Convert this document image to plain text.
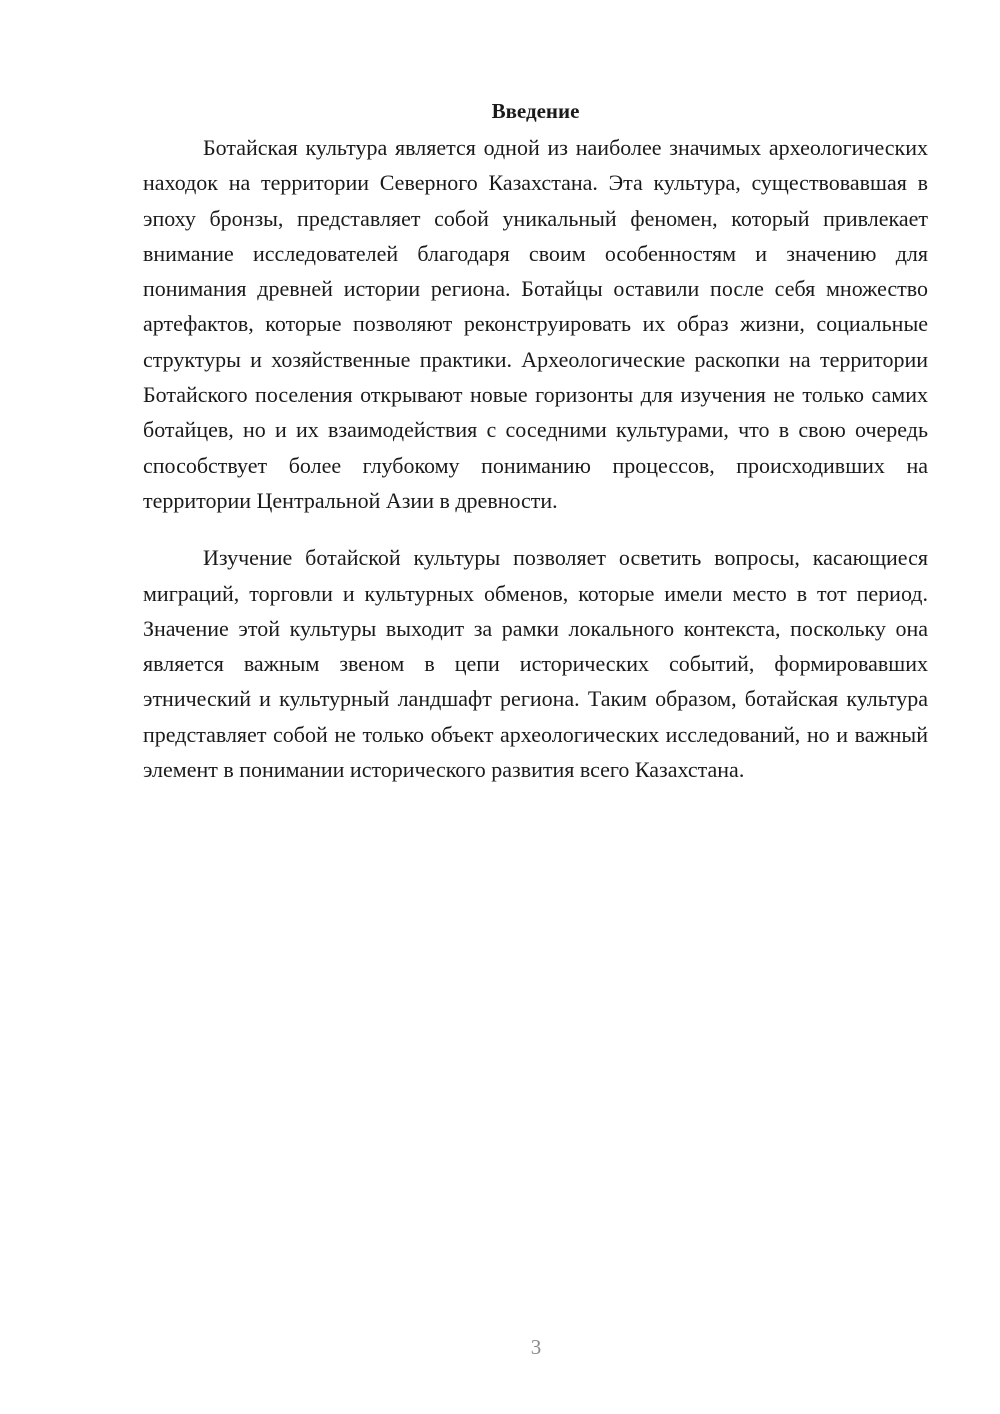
Введение

Ботайская культура является одной из наиболее значимых археологических находок на территории Северного Казахстана. Эта культура, существовавшая в эпоху бронзы, представляет собой уникальный феномен, который привлекает внимание исследователей благодаря своим особенностям и значению для понимания древней истории региона. Ботайцы оставили после себя множество артефактов, которые позволяют реконструировать их образ жизни, социальные структуры и хозяйственные практики. Археологические раскопки на территории Ботайского поселения открывают новые горизонты для изучения не только самих ботайцев, но и их взаимодействия с соседними культурами, что в свою очередь способствует более глубокому пониманию процессов, происходивших на территории Центральной Азии в древности.

Изучение ботайской культуры позволяет осветить вопросы, касающиеся миграций, торговли и культурных обменов, которые имели место в тот период. Значение этой культуры выходит за рамки локального контекста, поскольку она является важным звеном в цепи исторических событий, формировавших этнический и культурный ландшафт региона. Таким образом, ботайская культура представляет собой не только объект археологических исследований, но и важный элемент в понимании исторического развития всего Казахстана.

3
